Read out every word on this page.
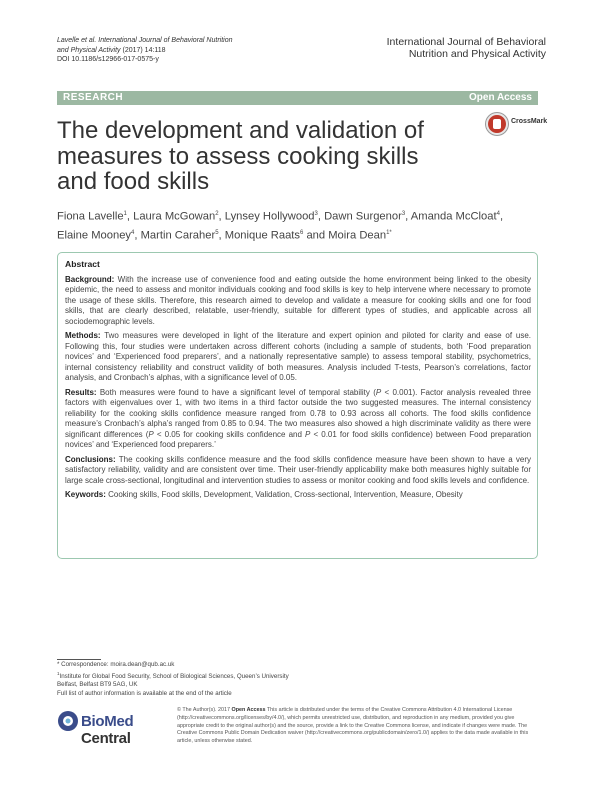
Lavelle et al. International Journal of Behavioral Nutrition
and Physical Activity (2017) 14:118
DOI 10.1186/s12966-017-0575-y
International Journal of Behavioral
Nutrition and Physical Activity
RESEARCH	Open Access
The development and validation of measures to assess cooking skills and food skills
CrossMark
Fiona Lavelle$^1$, Laura McGowan$^2$, Lynsey Hollywood$^3$, Dawn Surgenor$^3$, Amanda McCloat$^4$, Elaine Mooney$^4$, Martin Caraher$^5$, Monique Raats$^6$ and Moira Dean$^{1*}$
Abstract

Background: With the increase use of convenience food and eating outside the home environment being linked to the obesity epidemic, the need to assess and monitor individuals cooking and food skills is key to help intervene where necessary to promote the usage of these skills. Therefore, this research aimed to develop and validate a measure for cooking skills and one for food skills, that are clearly described, relatable, user-friendly, suitable for different types of studies, and applicable across all sociodemographic levels.

Methods: Two measures were developed in light of the literature and expert opinion and piloted for clarity and ease of use. Following this, four studies were undertaken across different cohorts (including a sample of students, both ‘Food preparation novices’ and ‘Experienced food preparers’, and a nationally representative sample) to assess temporal stability, psychometrics, internal consistency reliability and construct validity of both measures. Analysis included T-tests, Pearson’s correlations, factor analysis, and Cronbach’s alphas, with a significance level of 0.05.

Results: Both measures were found to have a significant level of temporal stability (P < 0.001). Factor analysis revealed three factors with eigenvalues over 1, with two items in a third factor outside the two suggested measures. The internal consistency reliability for the cooking skills confidence measure ranged from 0.78 to 0.93 across all cohorts. The food skills confidence measure’s Cronbach’s alpha’s ranged from 0.85 to 0.94. The two measures also showed a high discriminate validity as there were significant differences (P < 0.05 for cooking skills confidence and P < 0.01 for food skills confidence) between Food preparation novices’ and ‘Experienced food preparers.’

Conclusions: The cooking skills confidence measure and the food skills confidence measure have been shown to have a very satisfactory reliability, validity and are consistent over time. Their user-friendly applicability make both measures highly suitable for large scale cross-sectional, longitudinal and intervention studies to assess or monitor cooking and food skills levels and confidence.

Keywords: Cooking skills, Food skills, Development, Validation, Cross-sectional, Intervention, Measure, Obesity

* Correspondence: moira.dean@qub.ac.uk
$^1$Institute for Global Food Security, School of Biological Sciences, Queen’s University Belfast, Belfast BT9 5AG, UK
Full list of author information is available at the end of the article
BioMed Central
© The Author(s). 2017 Open Access This article is distributed under the terms of the Creative Commons Attribution 4.0 International License (http://creativecommons.org/licenses/by/4.0/), which permits unrestricted use, distribution, and reproduction in any medium, provided you give appropriate credit to the original author(s) and the source, provide a link to the Creative Commons license, and indicate if changes were made. The Creative Commons Public Domain Dedication waiver (http://creativecommons.org/publicdomain/zero/1.0/) applies to the data made available in this article, unless otherwise stated.
